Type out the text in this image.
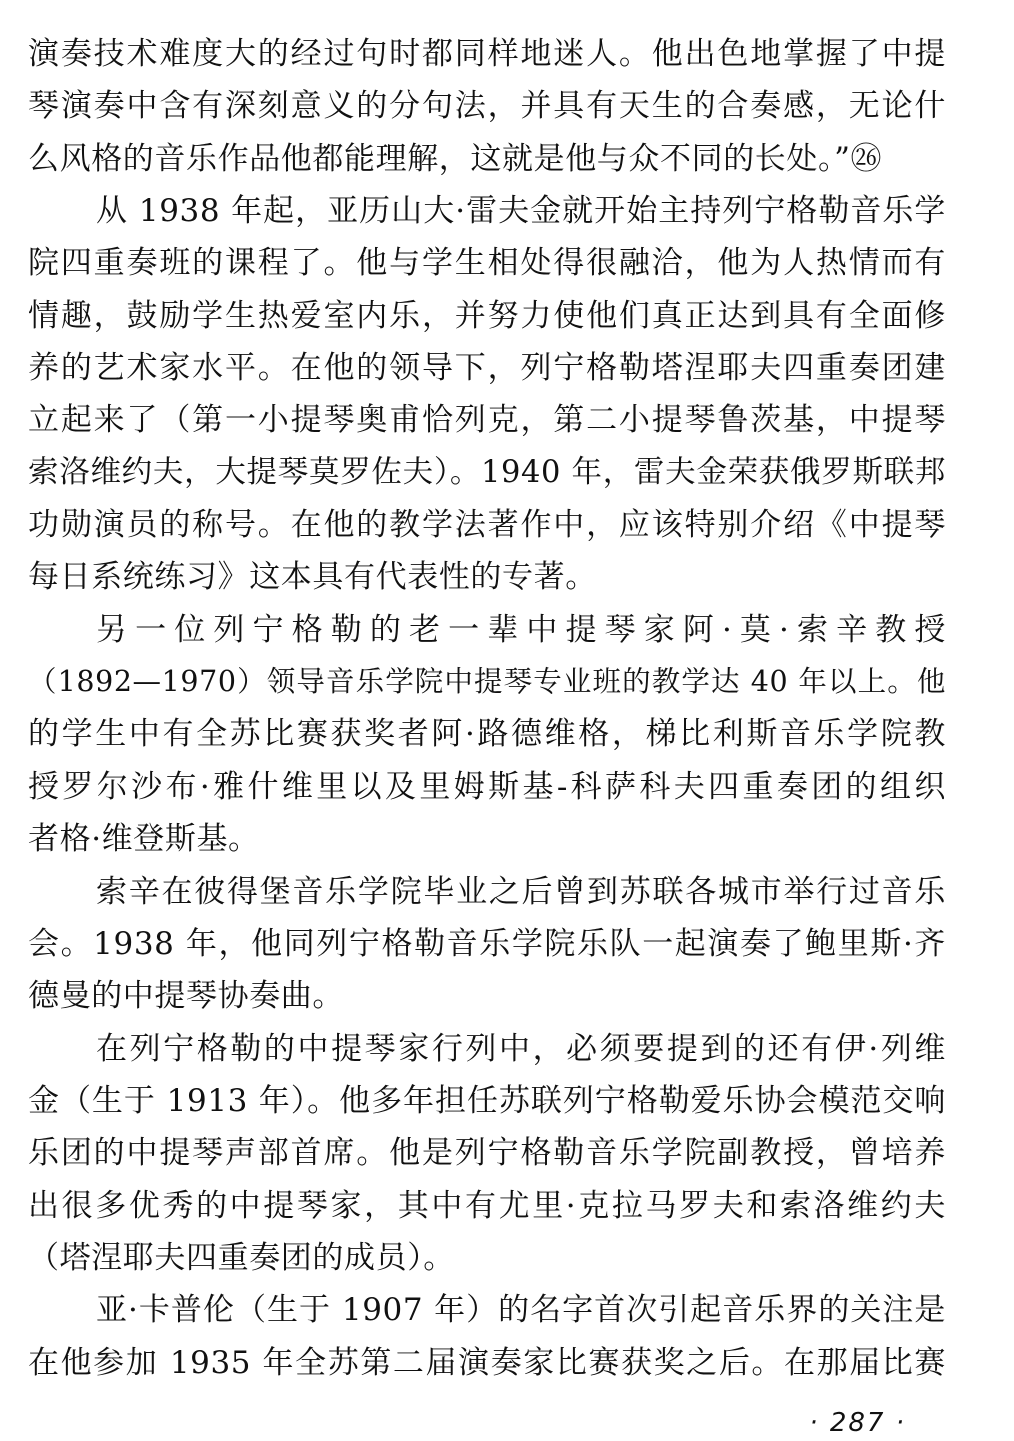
演奏技术难度大的经过句时都同样地迷人。他出色地掌握了中提
琴演奏中含有深刻意义的分句法，并具有天生的合奏感，无论什
么风格的音乐作品他都能理解，这就是他与众不同的长处。”㉖
从 1938 年起，亚历山大·雷夫金就开始主持列宁格勒音乐学
院四重奏班的课程了。他与学生相处得很融洽，他为人热情而有
情趣，鼓励学生热爱室内乐，并努力使他们真正达到具有全面修
养的艺术家水平。在他的领导下，列宁格勒塔涅耶夫四重奏团建
立起来了（第一小提琴奥甫恰列克，第二小提琴鲁茨基，中提琴
索洛维约夫，大提琴莫罗佐夫）。1940 年，雷夫金荣获俄罗斯联邦
功勋演员的称号。在他的教学法著作中，应该特别介绍《中提琴
每日系统练习》这本具有代表性的专著。
另一位列宁格勒的老一辈中提琴家阿·莫·索辛教授
（1892—1970）领导音乐学院中提琴专业班的教学达 40 年以上。他
的学生中有全苏比赛获奖者阿·路德维格，梯比利斯音乐学院教
授罗尔沙布·雅什维里以及里姆斯基-科萨科夫四重奏团的组织
者格·维登斯基。
索辛在彼得堡音乐学院毕业之后曾到苏联各城市举行过音乐
会。1938 年，他同列宁格勒音乐学院乐队一起演奏了鲍里斯·齐
德曼的中提琴协奏曲。
在列宁格勒的中提琴家行列中，必须要提到的还有伊·列维
金（生于 1913 年）。他多年担任苏联列宁格勒爱乐协会模范交响
乐团的中提琴声部首席。他是列宁格勒音乐学院副教授，曾培养
出很多优秀的中提琴家，其中有尤里·克拉马罗夫和索洛维约夫
（塔涅耶夫四重奏团的成员）。
亚·卡普伦（生于 1907 年）的名字首次引起音乐界的关注是
在他参加 1935 年全苏第二届演奏家比赛获奖之后。在那届比赛
· 287 ·
